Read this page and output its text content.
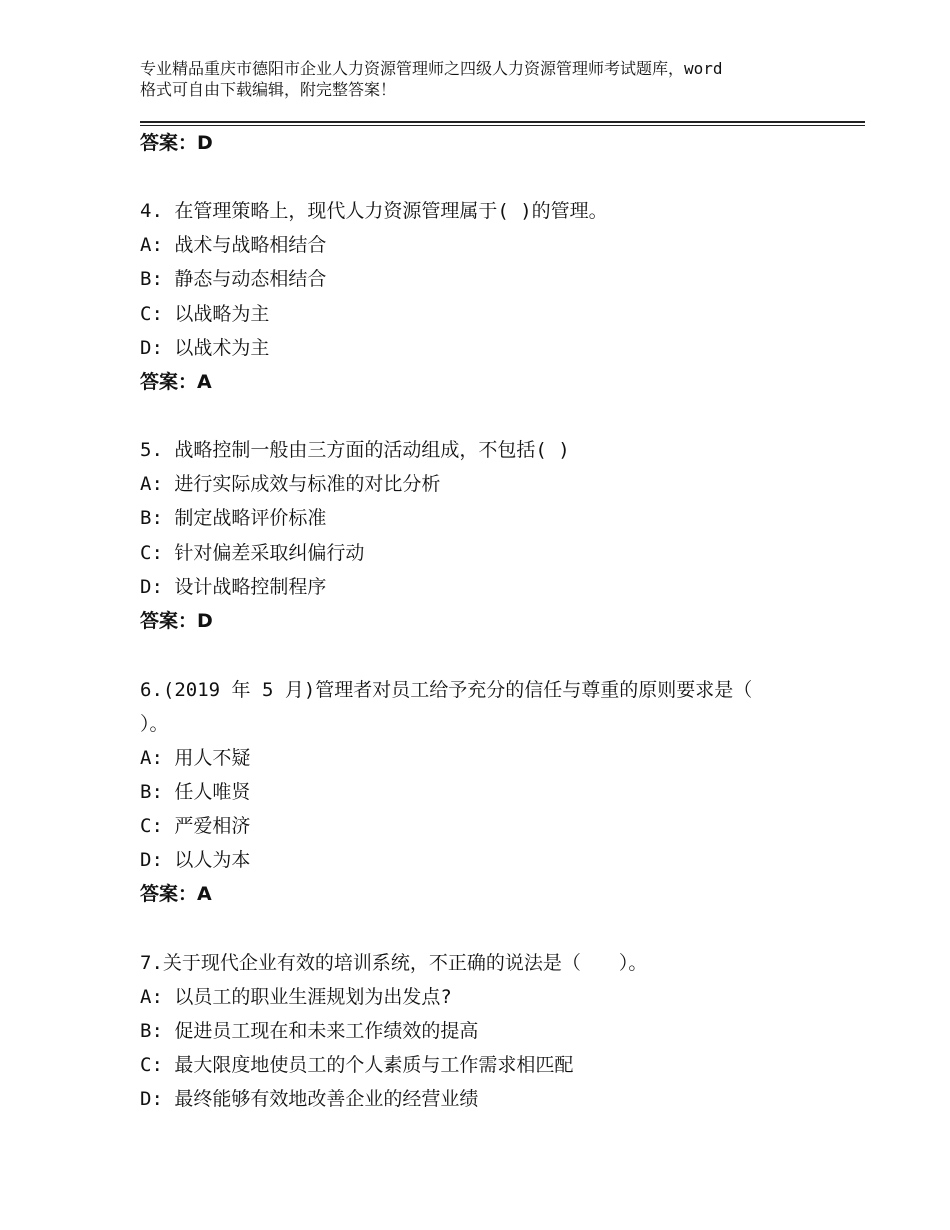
专业精品重庆市德阳市企业人力资源管理师之四级人力资源管理师考试题库，word
格式可自由下载编辑，附完整答案！
答案：D
4. 在管理策略上，现代人力资源管理属于( )的管理。
A: 战术与战略相结合
B: 静态与动态相结合
C: 以战略为主
D: 以战术为主
答案：A
5. 战略控制一般由三方面的活动组成，不包括( )
A: 进行实际成效与标准的对比分析
B: 制定战略评价标准
C: 针对偏差采取纠偏行动
D: 设计战略控制程序
答案：D
6.(2019 年 5 月)管理者对员工给予充分的信任与尊重的原则要求是（
）。
A: 用人不疑
B: 任人唯贤
C: 严爱相济
D: 以人为本
答案：A
7.关于现代企业有效的培训系统，不正确的说法是（　　）。
A: 以员工的职业生涯规划为出发点?
B: 促进员工现在和未来工作绩效的提高
C: 最大限度地使员工的个人素质与工作需求相匹配
D: 最终能够有效地改善企业的经营业绩
